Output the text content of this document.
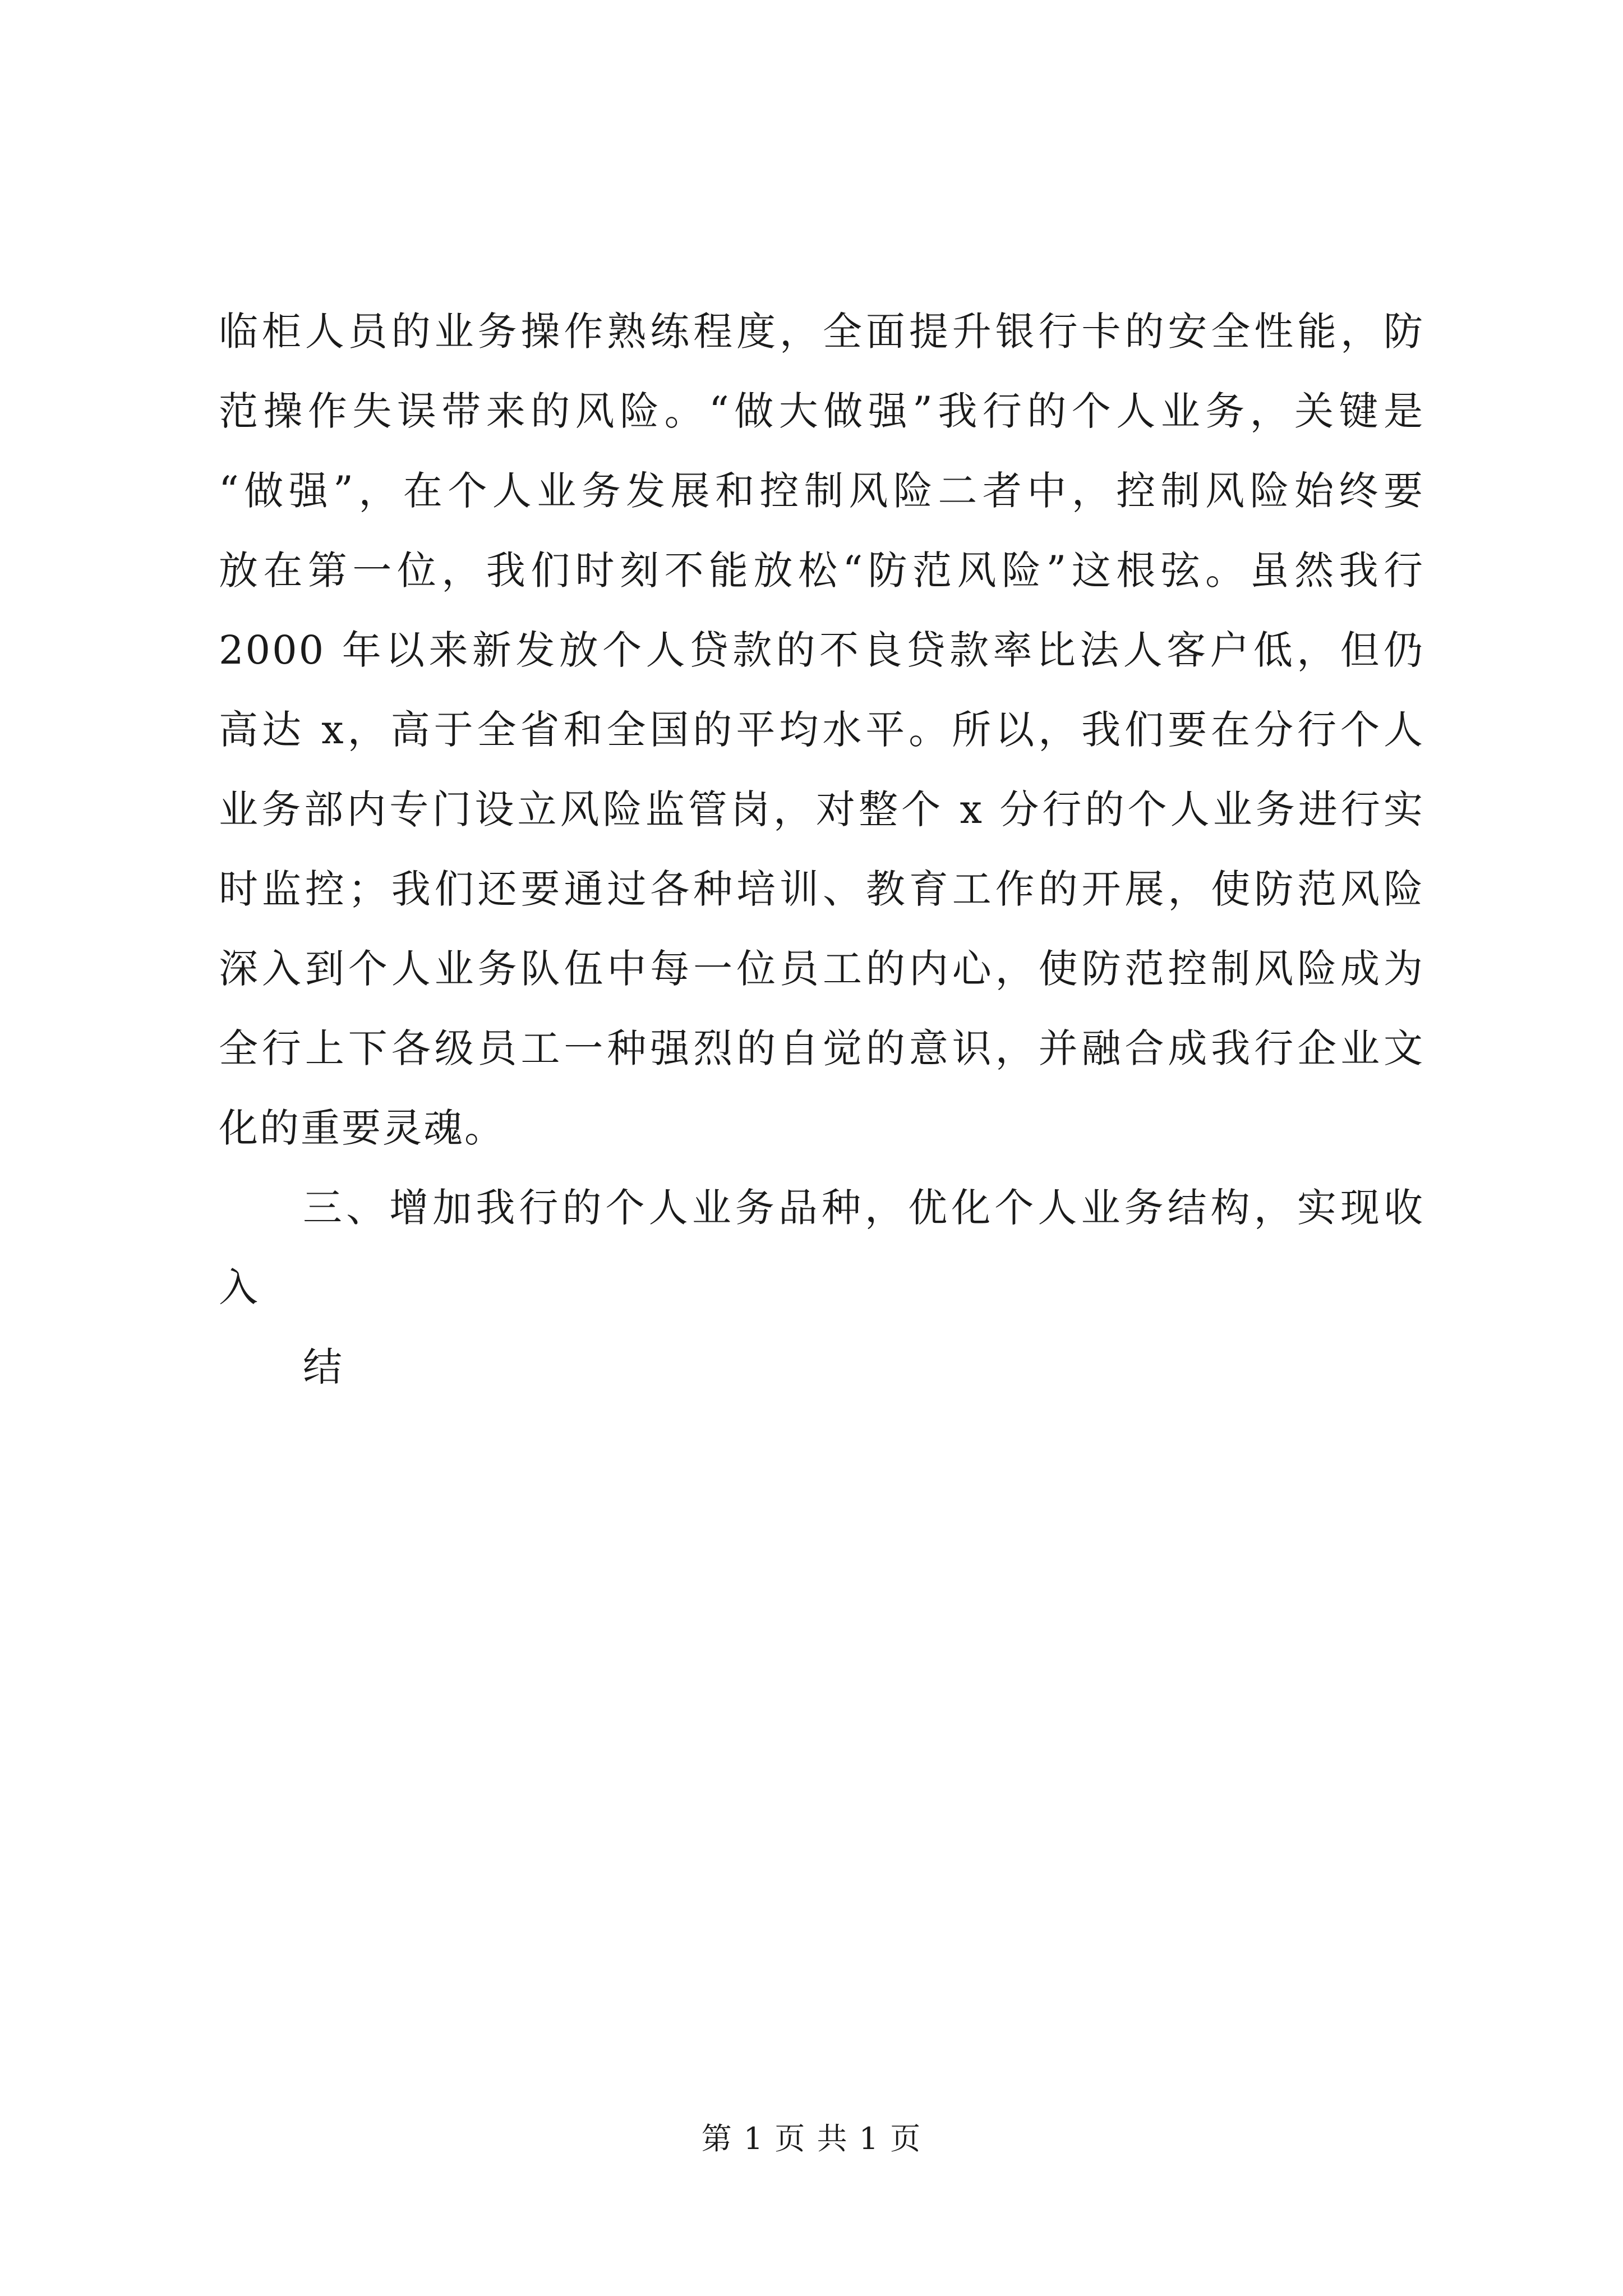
临柜人员的业务操作熟练程度，全面提升银行卡的安全性能，防
范操作失误带来的风险。“做大做强”我行的个人业务，关键是
“做强”，在个人业务发展和控制风险二者中，控制风险始终要
放在第一位，我们时刻不能放松“防范风险”这根弦。虽然我行
2000 年以来新发放个人贷款的不良贷款率比法人客户低，但仍
高达 x，高于全省和全国的平均水平。所以，我们要在分行个人
业务部内专门设立风险监管岗，对整个 x 分行的个人业务进行实
时监控；我们还要通过各种培训、教育工作的开展，使防范风险
深入到个人业务队伍中每一位员工的内心，使防范控制风险成为
全行上下各级员工一种强烈的自觉的意识，并融合成我行企业文
化的重要灵魂。
三、增加我行的个人业务品种，优化个人业务结构，实现收
入
结
第 1 页 共 1 页
